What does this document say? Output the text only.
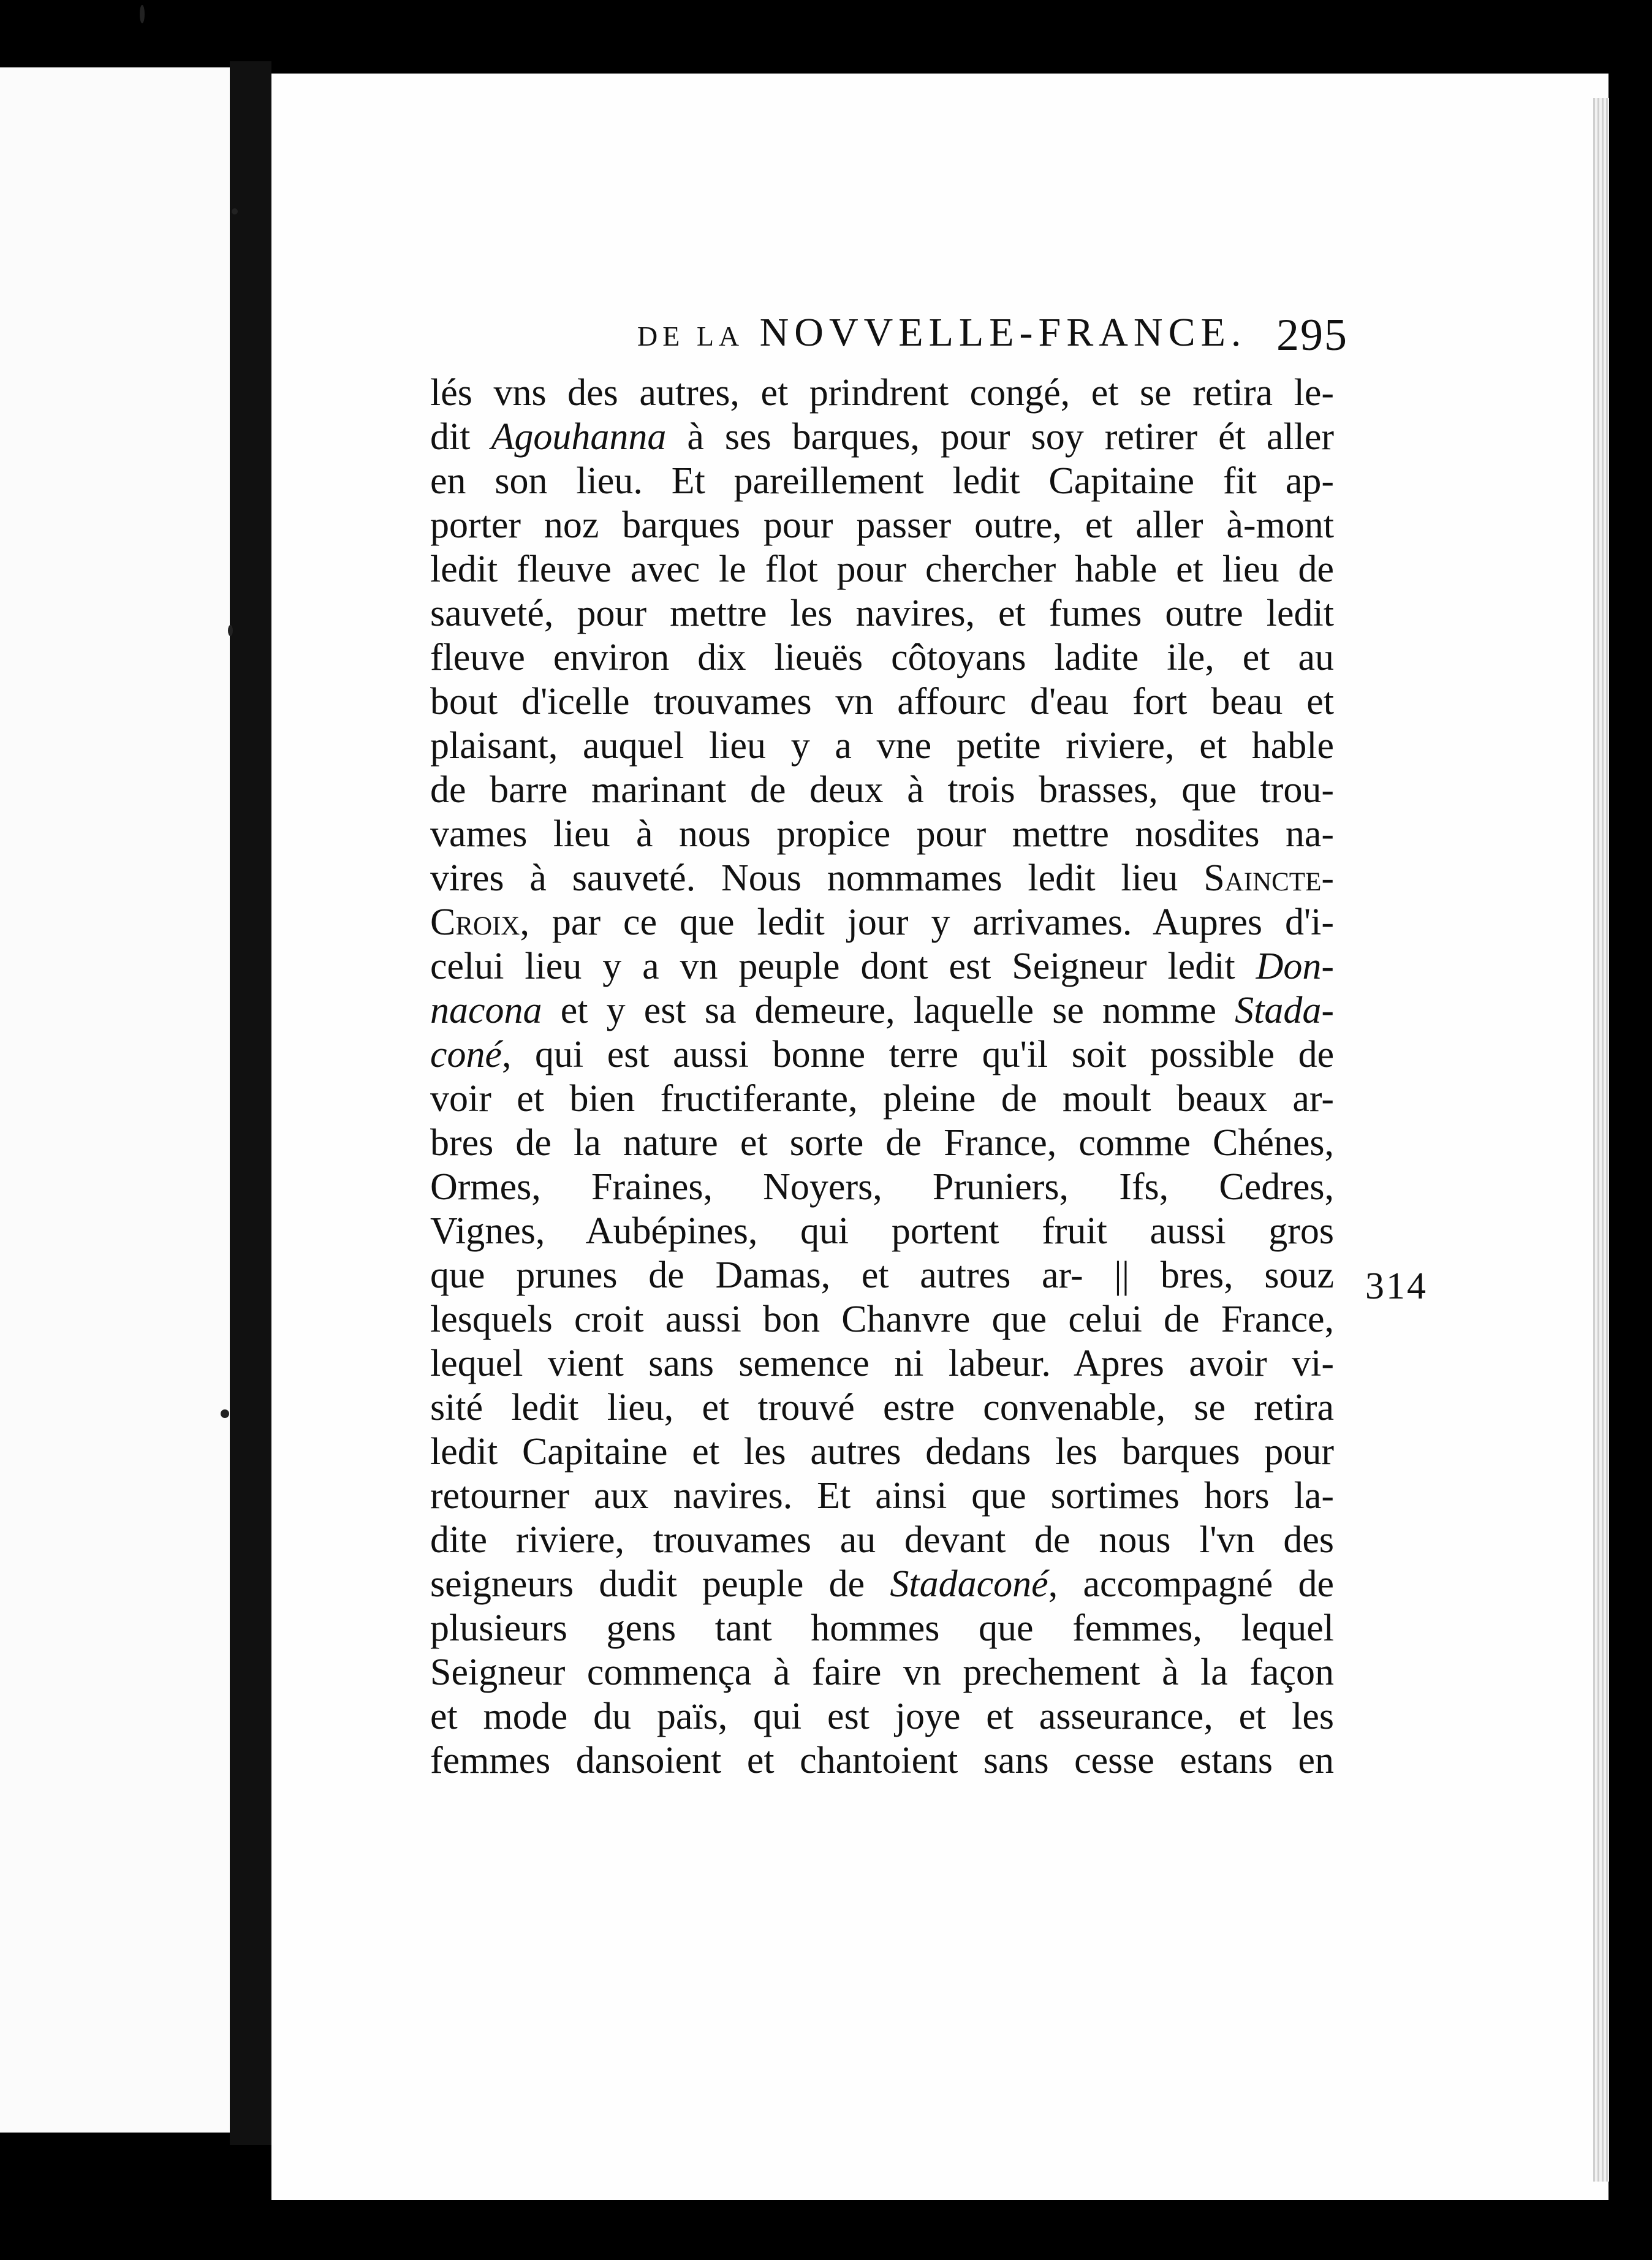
DE LA NOVVELLE-FRANCE. 295
lés vns des autres, et prindrent congé, et se retira le-
dit Agouhanna à ses barques, pour soy retirer ét aller
en son lieu. Et pareillement ledit Capitaine fit ap-
porter noz barques pour passer outre, et aller à-mont
ledit fleuve avec le flot pour chercher hable et lieu de
sauveté, pour mettre les navires, et fumes outre ledit
fleuve environ dix lieuës côtoyans ladite ile, et au
bout d'icelle trouvames vn affourc d'eau fort beau et
plaisant, auquel lieu y a vne petite riviere, et hable
de barre marinant de deux à trois brasses, que trou-
vames lieu à nous propice pour mettre nosdites na-
vires à sauveté. Nous nommames ledit lieu Saincte-
Croix, par ce que ledit jour y arrivames. Aupres d'i-
celui lieu y a vn peuple dont est Seigneur ledit Don-
nacona et y est sa demeure, laquelle se nomme Stada-
coné, qui est aussi bonne terre qu'il soit possible de
voir et bien fructiferante, pleine de moult beaux ar-
bres de la nature et sorte de France, comme Chénes,
Ormes, Fraines, Noyers, Pruniers, Ifs, Cedres,
Vignes, Aubépines, qui portent fruit aussi gros
que prunes de Damas, et autres ar- || bres, souz
lesquels croit aussi bon Chanvre que celui de France,
lequel vient sans semence ni labeur. Apres avoir vi-
sité ledit lieu, et trouvé estre convenable, se retira
ledit Capitaine et les autres dedans les barques pour
retourner aux navires. Et ainsi que sortimes hors la-
dite riviere, trouvames au devant de nous l'vn des
seigneurs dudit peuple de Stadaconé, accompagné de
plusieurs gens tant hommes que femmes, lequel
Seigneur commença à faire vn prechement à la façon
et mode du païs, qui est joye et asseurance, et les
femmes dansoient et chantoient sans cesse estans en
314
